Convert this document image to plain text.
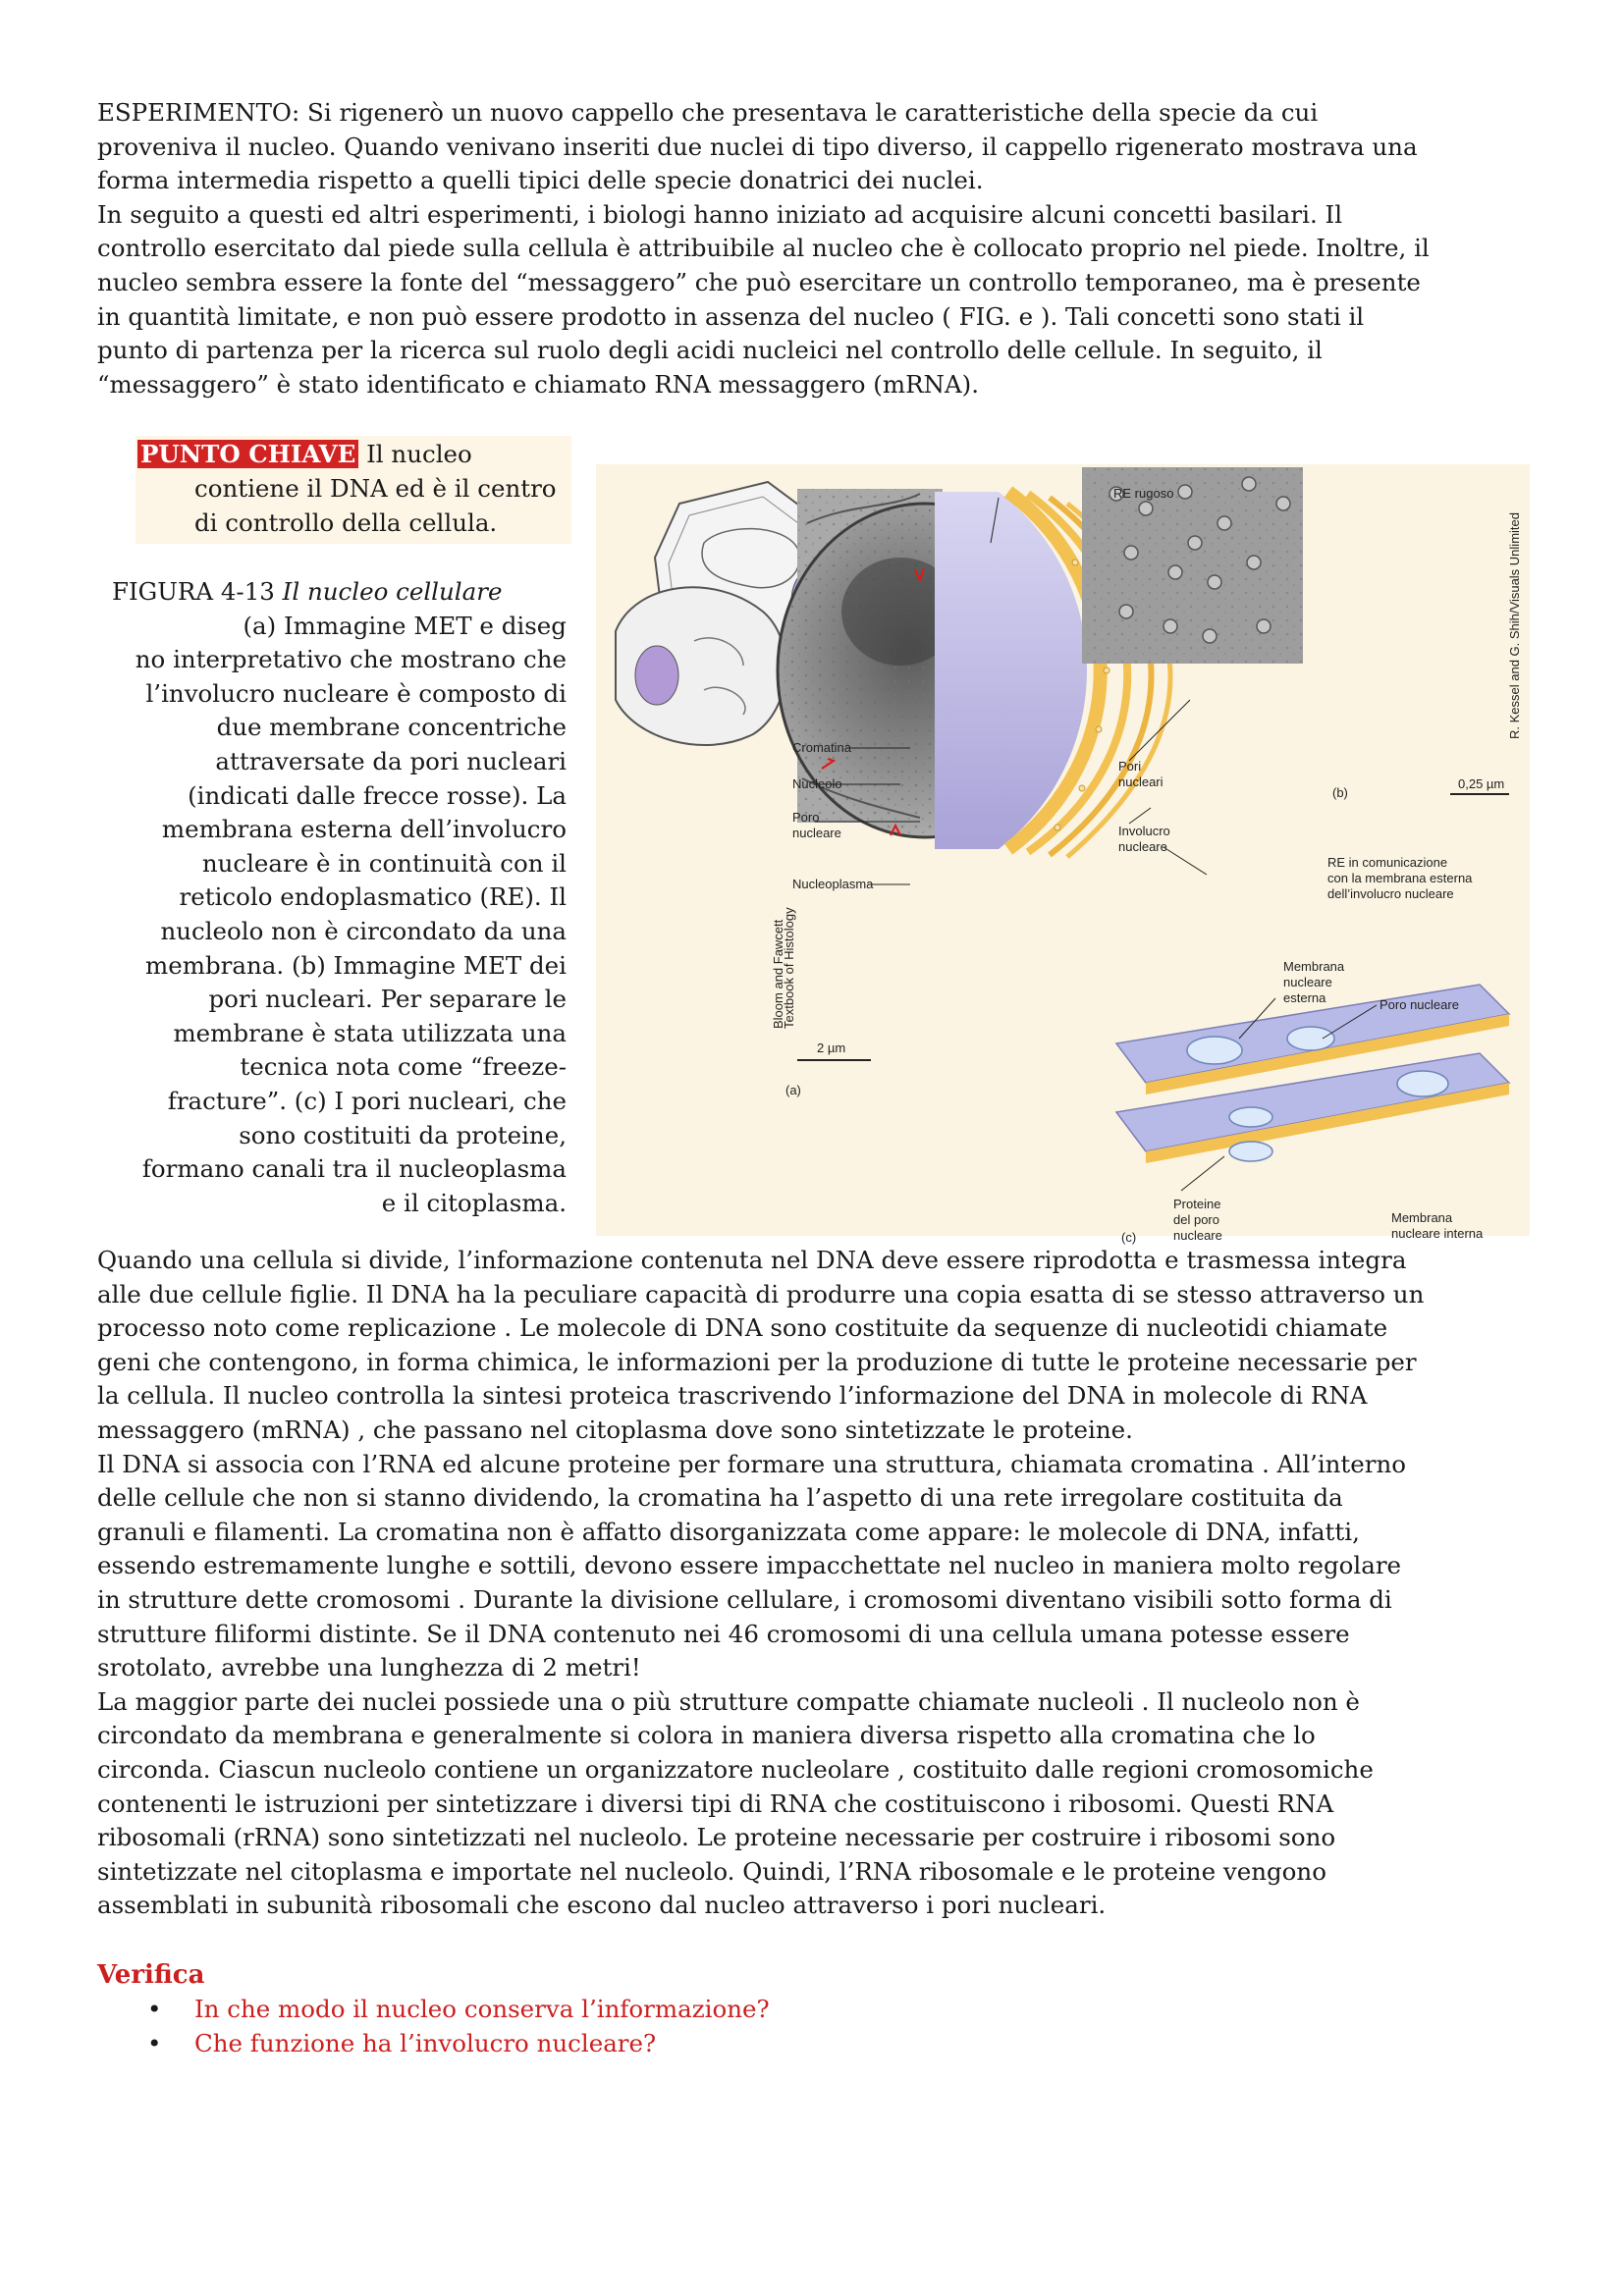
ESPERIMENTO: Si rigenerò un nuovo cappello che presentava le caratteristiche della specie da cui
proveniva il nucleo. Quando venivano inseriti due nuclei di tipo diverso, il cappello rigenerato mostrava una
forma intermedia rispetto a quelli tipici delle specie donatrici dei nuclei.
In seguito a questi ed altri esperimenti, i biologi hanno iniziato ad acquisire alcuni concetti basilari. Il
controllo esercitato dal piede sulla cellula è attribuibile al nucleo che è collocato proprio nel piede. Inoltre, il
nucleo sembra essere la fonte del “messaggero” che può esercitare un controllo temporaneo, ma è presente
in quantità limitate, e non può essere prodotto in assenza del nucleo ( FIG. e ). Tali concetti sono stati il
punto di partenza per la ricerca sul ruolo degli acidi nucleici nel controllo delle cellule. In seguito, il
“messaggero” è stato identificato e chiamato RNA messaggero (mRNA).
PUNTO CHIAVE Il nucleo
contiene il DNA ed è il centro
di controllo della cellula.
FIGURA 4-13 Il nucleo cellulare
(a) Immagine MET e diseg
no interpretativo che mostrano che
l’involucro nucleare è composto di
due membrane concentriche
attraversate da pori nucleari
(indicati dalle frecce rosse). La
membrana esterna dell’involucro
nucleare è in continuità con il
reticolo endoplasmatico (RE). Il
nucleolo non è circondato da una
membrana. (b) Immagine MET dei
pori nucleari. Per separare le
membrane è stata utilizzata una
tecnica nota come “freeze-
fracture”. (c) I pori nucleari, che
sono costituiti da proteine,
formano canali tra il nucleoplasma
e il citoplasma.
RE rugoso
Cromatina
Nucleolo
Poro
nucleare
Nucleoplasma
Pori
nucleari
Involucro
nucleare
(b)
0,25 µm
RE in comunicazione
con la membrana esterna
dell’involucro nucleare
Membrana
nucleare
esterna	Poro nucleare
2 µm
(a)
Proteine
del poro
nucleare
(c)
Membrana
nucleare interna
Bloom and Fawcett
Textbook of Histology
R. Kessel and G. Shih/Visuals Unlimited
Quando una cellula si divide, l’informazione contenuta nel DNA deve essere riprodotta e trasmessa integra
alle due cellule figlie. Il DNA ha la peculiare capacità di produrre una copia esatta di se stesso attraverso un
processo noto come replicazione . Le molecole di DNA sono costituite da sequenze di nucleotidi chiamate
geni che contengono, in forma chimica, le informazioni per la produzione di tutte le proteine necessarie per
la cellula. Il nucleo controlla la sintesi proteica trascrivendo l’informazione del DNA in molecole di RNA
messaggero (mRNA) , che passano nel citoplasma dove sono sintetizzate le proteine.
Il DNA si associa con l’RNA ed alcune proteine per formare una struttura, chiamata cromatina . All’interno
delle cellule che non si stanno dividendo, la cromatina ha l’aspetto di una rete irregolare costituita da
granuli e filamenti. La cromatina non è affatto disorganizzata come appare: le molecole di DNA, infatti,
essendo estremamente lunghe e sottili, devono essere impacchettate nel nucleo in maniera molto regolare
in strutture dette cromosomi . Durante la divisione cellulare, i cromosomi diventano visibili sotto forma di
strutture filiformi distinte. Se il DNA contenuto nei 46 cromosomi di una cellula umana potesse essere
srotolato, avrebbe una lunghezza di 2 metri!
La maggior parte dei nuclei possiede una o più strutture compatte chiamate nucleoli . Il nucleolo non è
circondato da membrana e generalmente si colora in maniera diversa rispetto alla cromatina che lo
circonda. Ciascun nucleolo contiene un organizzatore nucleolare , costituito dalle regioni cromosomiche
contenenti le istruzioni per sintetizzare i diversi tipi di RNA che costituiscono i ribosomi. Questi RNA
ribosomali (rRNA) sono sintetizzati nel nucleolo. Le proteine necessarie per costruire i ribosomi sono
sintetizzate nel citoplasma e importate nel nucleolo. Quindi, l’RNA ribosomale e le proteine vengono
assemblati in subunità ribosomali che escono dal nucleo attraverso i pori nucleari.
Verifica
• In che modo il nucleo conserva l’informazione?
• Che funzione ha l’involucro nucleare?
